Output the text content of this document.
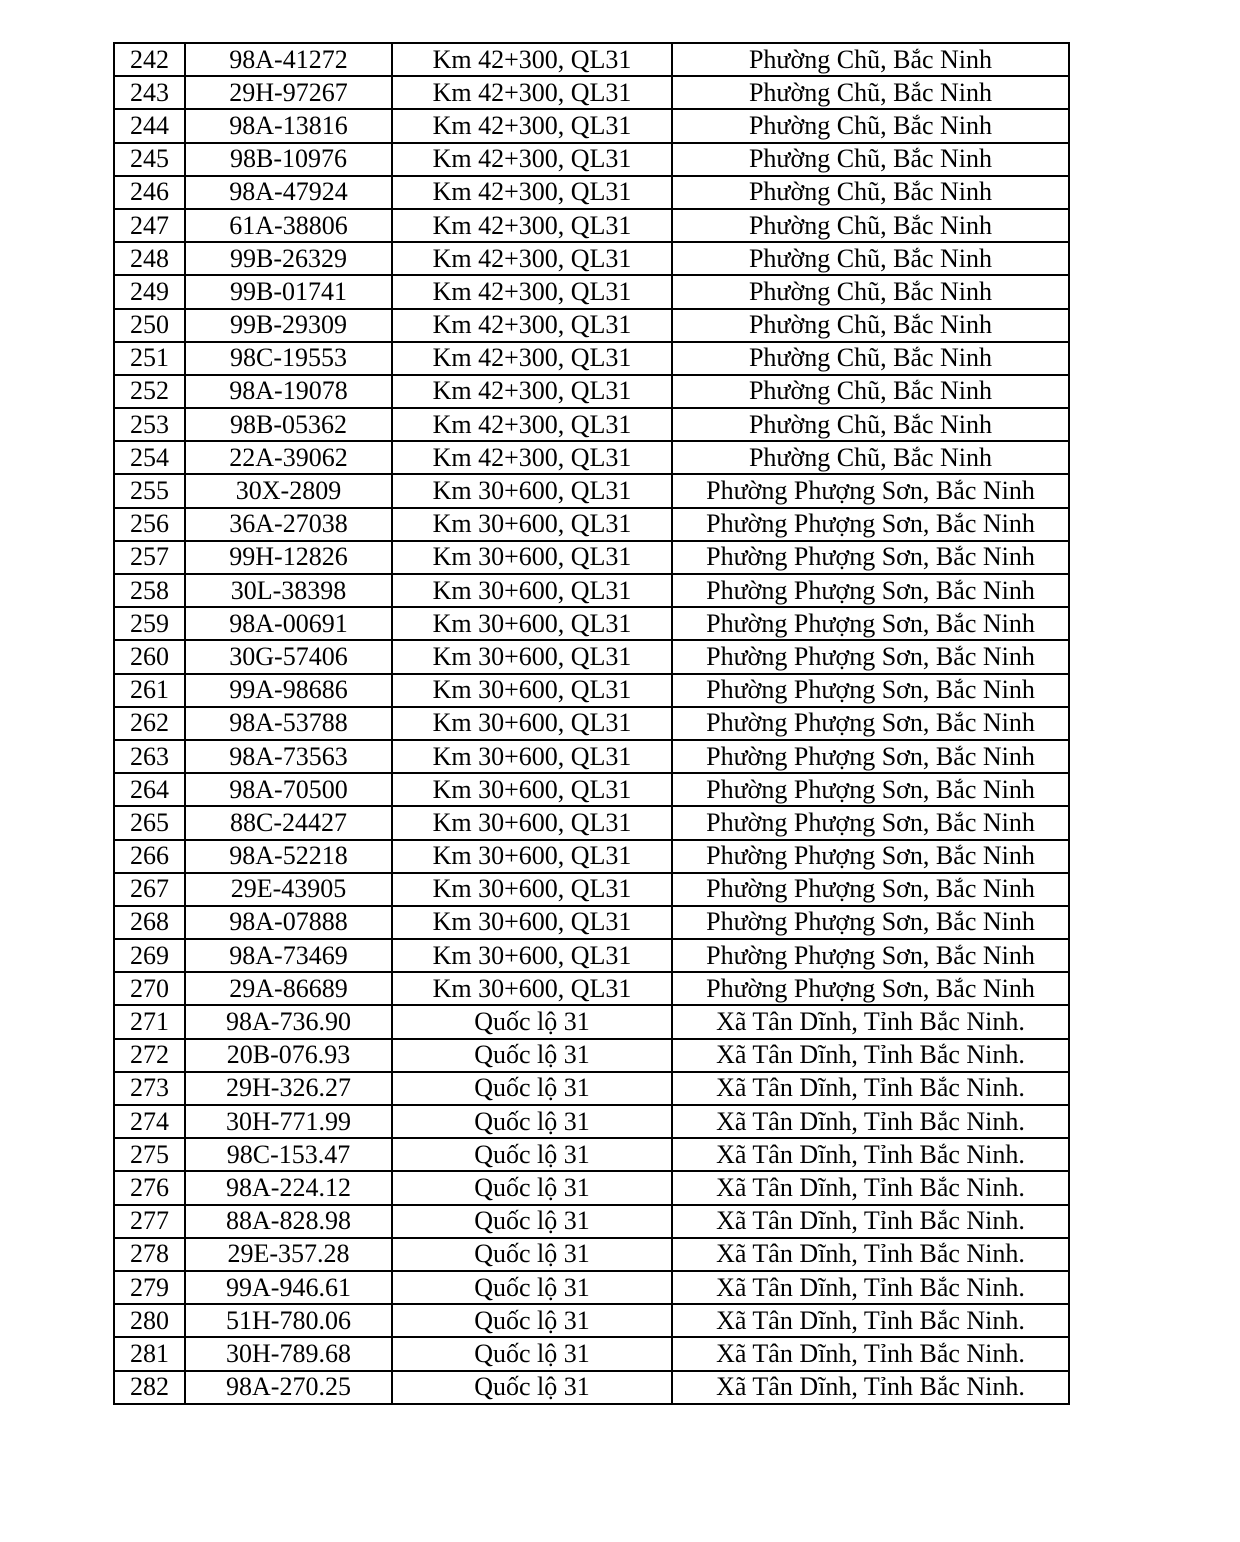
242	98A-41272	Km 42+300, QL31	Phường Chũ, Bắc Ninh
243	29H-97267	Km 42+300, QL31	Phường Chũ, Bắc Ninh
244	98A-13816	Km 42+300, QL31	Phường Chũ, Bắc Ninh
245	98B-10976	Km 42+300, QL31	Phường Chũ, Bắc Ninh
246	98A-47924	Km 42+300, QL31	Phường Chũ, Bắc Ninh
247	61A-38806	Km 42+300, QL31	Phường Chũ, Bắc Ninh
248	99B-26329	Km 42+300, QL31	Phường Chũ, Bắc Ninh
249	99B-01741	Km 42+300, QL31	Phường Chũ, Bắc Ninh
250	99B-29309	Km 42+300, QL31	Phường Chũ, Bắc Ninh
251	98C-19553	Km 42+300, QL31	Phường Chũ, Bắc Ninh
252	98A-19078	Km 42+300, QL31	Phường Chũ, Bắc Ninh
253	98B-05362	Km 42+300, QL31	Phường Chũ, Bắc Ninh
254	22A-39062	Km 42+300, QL31	Phường Chũ, Bắc Ninh
255	30X-2809	Km 30+600, QL31	Phường Phượng Sơn, Bắc Ninh
256	36A-27038	Km 30+600, QL31	Phường Phượng Sơn, Bắc Ninh
257	99H-12826	Km 30+600, QL31	Phường Phượng Sơn, Bắc Ninh
258	30L-38398	Km 30+600, QL31	Phường Phượng Sơn, Bắc Ninh
259	98A-00691	Km 30+600, QL31	Phường Phượng Sơn, Bắc Ninh
260	30G-57406	Km 30+600, QL31	Phường Phượng Sơn, Bắc Ninh
261	99A-98686	Km 30+600, QL31	Phường Phượng Sơn, Bắc Ninh
262	98A-53788	Km 30+600, QL31	Phường Phượng Sơn, Bắc Ninh
263	98A-73563	Km 30+600, QL31	Phường Phượng Sơn, Bắc Ninh
264	98A-70500	Km 30+600, QL31	Phường Phượng Sơn, Bắc Ninh
265	88C-24427	Km 30+600, QL31	Phường Phượng Sơn, Bắc Ninh
266	98A-52218	Km 30+600, QL31	Phường Phượng Sơn, Bắc Ninh
267	29E-43905	Km 30+600, QL31	Phường Phượng Sơn, Bắc Ninh
268	98A-07888	Km 30+600, QL31	Phường Phượng Sơn, Bắc Ninh
269	98A-73469	Km 30+600, QL31	Phường Phượng Sơn, Bắc Ninh
270	29A-86689	Km 30+600, QL31	Phường Phượng Sơn, Bắc Ninh
271	98A-736.90	Quốc lộ 31	Xã Tân Dĩnh, Tỉnh Bắc Ninh.
272	20B-076.93	Quốc lộ 31	Xã Tân Dĩnh, Tỉnh Bắc Ninh.
273	29H-326.27	Quốc lộ 31	Xã Tân Dĩnh, Tỉnh Bắc Ninh.
274	30H-771.99	Quốc lộ 31	Xã Tân Dĩnh, Tỉnh Bắc Ninh.
275	98C-153.47	Quốc lộ 31	Xã Tân Dĩnh, Tỉnh Bắc Ninh.
276	98A-224.12	Quốc lộ 31	Xã Tân Dĩnh, Tỉnh Bắc Ninh.
277	88A-828.98	Quốc lộ 31	Xã Tân Dĩnh, Tỉnh Bắc Ninh.
278	29E-357.28	Quốc lộ 31	Xã Tân Dĩnh, Tỉnh Bắc Ninh.
279	99A-946.61	Quốc lộ 31	Xã Tân Dĩnh, Tỉnh Bắc Ninh.
280	51H-780.06	Quốc lộ 31	Xã Tân Dĩnh, Tỉnh Bắc Ninh.
281	30H-789.68	Quốc lộ 31	Xã Tân Dĩnh, Tỉnh Bắc Ninh.
282	98A-270.25	Quốc lộ 31	Xã Tân Dĩnh, Tỉnh Bắc Ninh.
